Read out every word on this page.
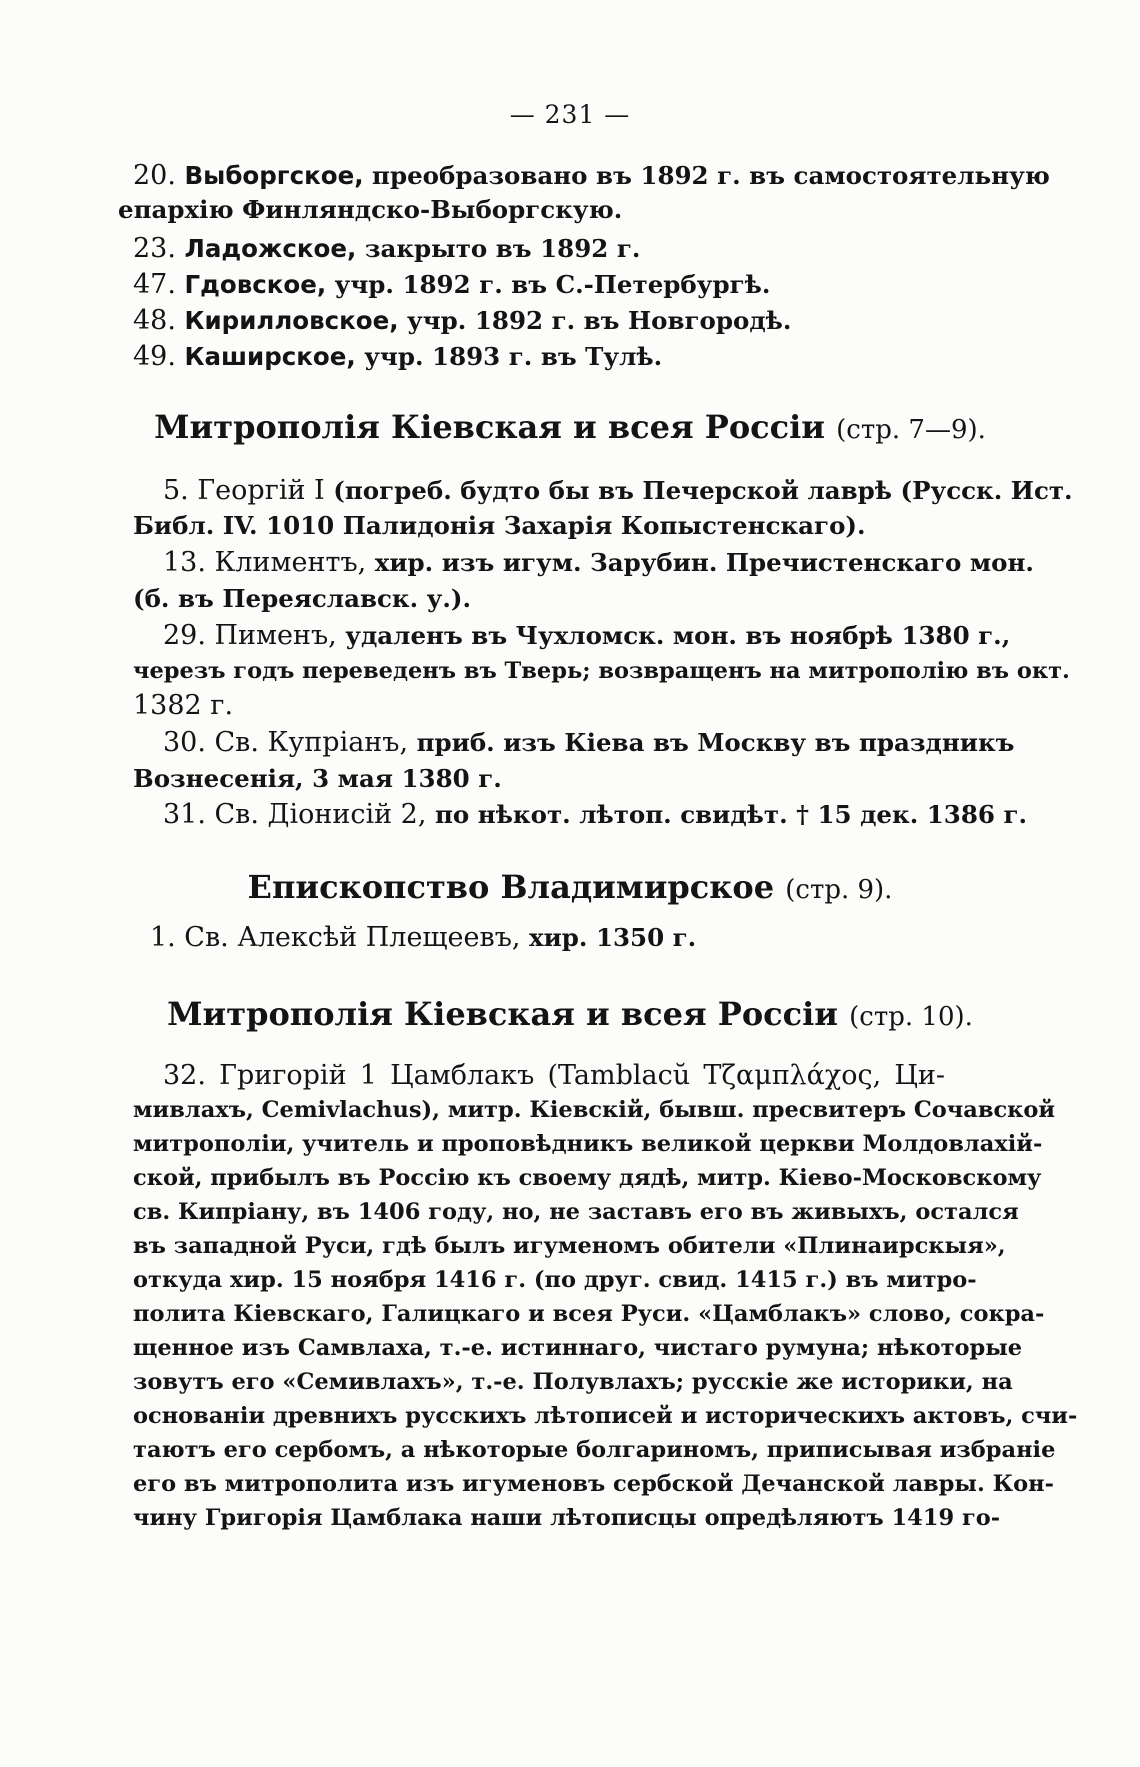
— 231 —
20. Выборгское, преобразовано въ 1892 г. въ самостоятельную
епархію Финляндско-Выборгскую.
23. Ладожское, закрыто въ 1892 г.
47. Гдовское, учр. 1892 г. въ С.-Петербургѣ.
48. Кирилловское, учр. 1892 г. въ Новгородѣ.
49. Каширское, учр. 1893 г. въ Тулѣ.
Митрополія Кіевская и всея Россіи (стр. 7—9).
5. Георгій I (погреб. будто бы въ Печерской лаврѣ (Русск. Ист.
Библ. IV. 1010 Палидонія Захарія Копыстенскаго).
13. Климентъ, хир. изъ игум. Зарубин. Пречистенскаго мон.
(б. въ Переяславск. у.).
29. Пименъ, удаленъ въ Чухломск. мон. въ ноябрѣ 1380 г.,
черезъ годъ переведенъ въ Тверь; возвращенъ на митрополію въ окт.
1382 г.
30. Св. Купріанъ, приб. изъ Кіева въ Москву въ праздникъ
Вознесенія, 3 мая 1380 г.
31. Св. Діонисій 2, по нѣкот. лѣтоп. свидѣт. † 15 дек. 1386 г.
Епископство Владимирское (стр. 9).
1. Св. Алексѣй Плещеевъ, хир. 1350 г.
Митрополія Кіевская и всея Россіи (стр. 10).
32. Григорій 1 Цамблакъ (Tamblacŭ Τζαμπλάχος, Ци-
мивлахъ, Cemivlachus), митр. Кіевскій, бывш. пресвитеръ Сочавской
митрополіи, учитель и проповѣдникъ великой церкви Молдовлахій-
ской, прибылъ въ Россію къ своему дядѣ, митр. Кіево-Московскому
св. Кипріану, въ 1406 году, но, не заставъ его въ живыхъ, остался
въ западной Руси, гдѣ былъ игуменомъ обители «Плинаирскыя»,
откуда хир. 15 ноября 1416 г. (по друг. свид. 1415 г.) въ митро-
полита Кіевскаго, Галицкаго и всея Руси. «Цамблакъ» слово, сокра-
щенное изъ Самвлаха, т.-е. истиннаго, чистаго румуна; нѣкоторые
зовутъ его «Семивлахъ», т.-е. Полувлахъ; русскіе же историки, на
основаніи древнихъ русскихъ лѣтописей и историческихъ актовъ, счи-
таютъ его сербомъ, а нѣкоторые болгариномъ, приписывая избраніе
его въ митрополита изъ игуменовъ сербской Дечанской лавры. Кон-
чину Григорія Цамблака наши лѣтописцы опредѣляютъ 1419 го-
